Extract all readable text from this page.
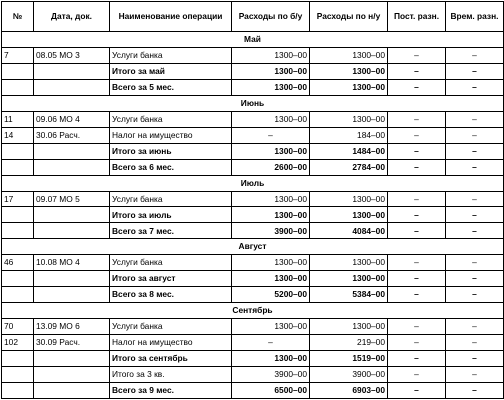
№	Дата, док.	Наименование операции	Расходы по б/у	Расходы по н/у	Пост. разн.	Врем. разн.
Май						
7	08.05 МО 3	Услуги банка	1300–00	1300–00	–	–
		Итого за май	1300–00	1300–00	–	–
		Всего за 5 мес.	1300–00	1300–00	–	–
Июнь						
11	09.06 МО 4	Услуги банка	1300–00	1300–00	–	–
14	30.06 Расч.	Налог на имущество	–	184–00	–	–
		Итого за июнь	1300–00	1484–00	–	–
		Всего за 6 мес.	2600–00	2784–00	–	–
Июль						
17	09.07 МО 5	Услуги банка	1300–00	1300–00	–	–
		Итого за июль	1300–00	1300–00	–	–
		Всего за 7 мес.	3900–00	4084–00	–	–
Август						
46	10.08 МО 4	Услуги банка	1300–00	1300–00	–	–
		Итого за август	1300–00	1300–00	–	–
		Всего за 8 мес.	5200–00	5384–00	–	–
Сентябрь						
70	13.09 МО 6	Услуги банка	1300–00	1300–00	–	–
102	30.09 Расч.	Налог на имущество	–	219–00	–	–
		Итого за сентябрь	1300–00	1519–00	–	–
		Итого за 3 кв.	3900–00	3900–00	–	–
		Всего за 9 мес.	6500–00	6903–00	–	–
